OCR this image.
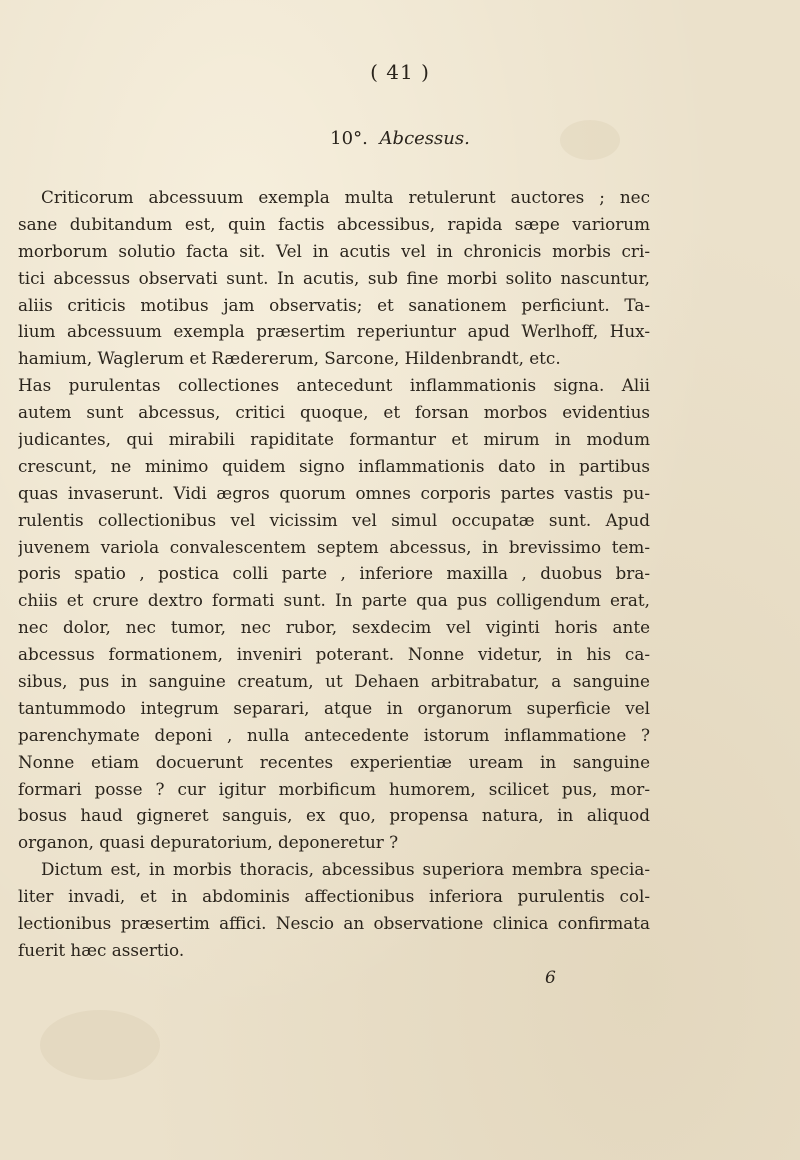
( 41 )
10°. Abcessus.
Criticorum abcessuum exempla multa retulerunt auctores ; nec
sane dubitandum est, quin factis abcessibus, rapida sæpe variorum
morborum solutio facta sit. Vel in acutis vel in chronicis morbis cri-
tici abcessus observati sunt. In acutis, sub fine morbi solito nascuntur,
aliis criticis motibus jam observatis; et sanationem perficiunt. Ta-
lium abcessuum exempla præsertim reperiuntur apud Werlhoff, Hux-
hamium, Waglerum et Rædererum, Sarcone, Hildenbrandt, etc.
Has purulentas collectiones antecedunt inflammationis signa. Alii
autem sunt abcessus, critici quoque, et forsan morbos evidentius
judicantes, qui mirabili rapiditate formantur et mirum in modum
crescunt, ne minimo quidem signo inflammationis dato in partibus
quas invaserunt. Vidi ægros quorum omnes corporis partes vastis pu-
rulentis collectionibus vel vicissim vel simul occupatæ sunt. Apud
juvenem variola convalescentem septem abcessus, in brevissimo tem-
poris spatio , postica colli parte , inferiore maxilla , duobus bra-
chiis et crure dextro formati sunt. In parte qua pus colligendum erat,
nec dolor, nec tumor, nec rubor, sexdecim vel viginti horis ante
abcessus formationem, inveniri poterant. Nonne videtur, in his ca-
sibus, pus in sanguine creatum, ut Dehaen arbitrabatur, a sanguine
tantummodo integrum separari, atque in organorum superficie vel
parenchymate deponi , nulla antecedente istorum inflammatione ?
Nonne etiam docuerunt recentes experientiæ uream in sanguine
formari posse ? cur igitur morbificum humorem, scilicet pus, mor-
bosus haud gigneret sanguis, ex quo, propensa natura, in aliquod
organon, quasi depuratorium, deponeretur ?
Dictum est, in morbis thoracis, abcessibus superiora membra specia-
liter invadi, et in abdominis affectionibus inferiora purulentis col-
lectionibus præsertim affici. Nescio an observatione clinica confirmata
fuerit hæc assertio.
6
